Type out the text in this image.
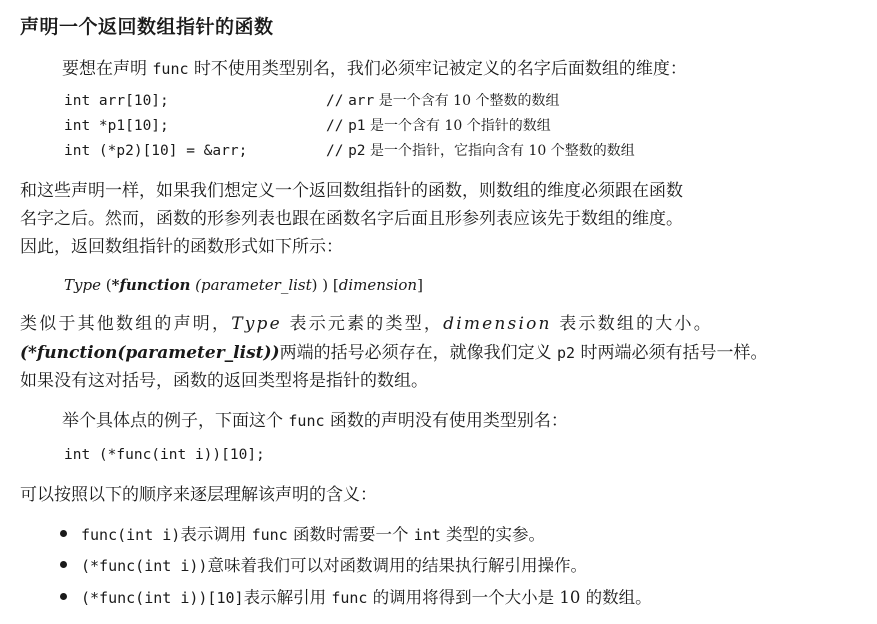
声明一个返回数组指针的函数
要想在声明 func 时不使用类型别名，我们必须牢记被定义的名字后面数组的维度：
int arr[10];	// arr 是一个含有 10 个整数的数组
int *p1[10];	// p1 是一个含有 10 个指针的数组
int (*p2)[10] = &arr;	// p2 是一个指针，它指向含有 10 个整数的数组
和这些声明一样，如果我们想定义一个返回数组指针的函数，则数组的维度必须跟在函数
名字之后。然而，函数的形参列表也跟在函数名字后面且形参列表应该先于数组的维度。
因此，返回数组指针的函数形式如下所示：
Type (*function (parameter_list) ) [dimension]
类似于其他数组的声明，Type 表示元素的类型，dimension 表示数组的大小。
(*function(parameter_list))两端的括号必须存在，就像我们定义 p2 时两端必须有括号一样。
如果没有这对括号，函数的返回类型将是指针的数组。
举个具体点的例子，下面这个 func 函数的声明没有使用类型别名：
int (*func(int i))[10];
可以按照以下的顺序来逐层理解该声明的含义：
func(int i)表示调用 func 函数时需要一个 int 类型的实参。
(*func(int i))意味着我们可以对函数调用的结果执行解引用操作。
(*func(int i))[10]表示解引用 func 的调用将得到一个大小是 10 的数组。
